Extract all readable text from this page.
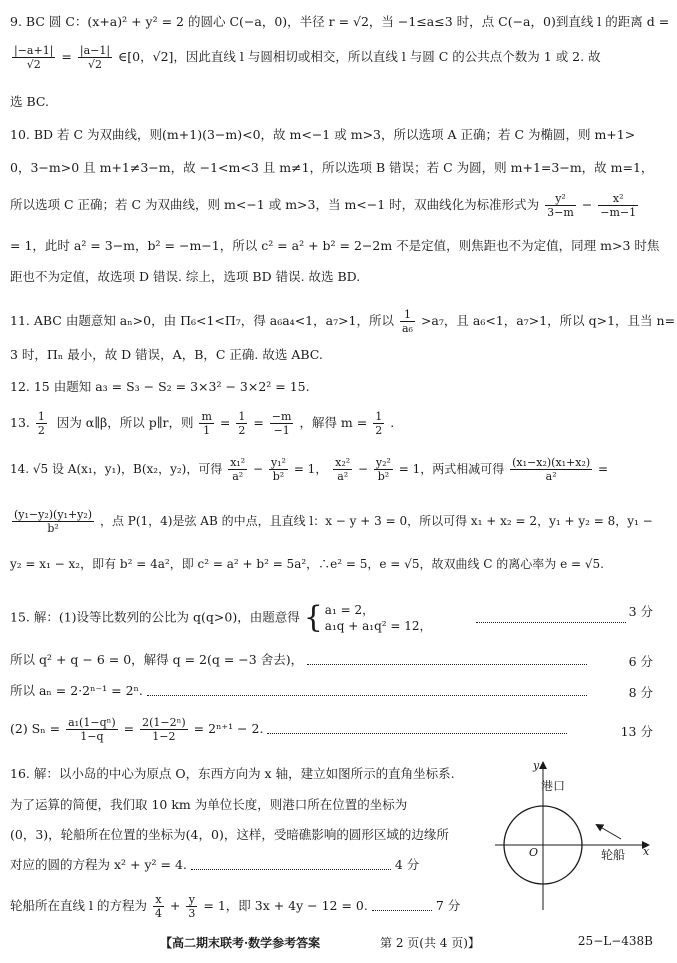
9. BC 圆 C：(x+a)² + y² = 2 的圆心 C(−a，0)，半径 r = √2，当 −1≤a≤3 时，点 C(−a，0)到直线 l 的距离 d =
$\frac{|-a+1|}{√2} = \frac{|a-1|}{√2}$ ∈[0，√2]，因此直线 l 与圆相切或相交，所以直线 l 与圆 C 的公共点个数为 1 或 2. 故
选 BC.
10. BD 若 C 为双曲线，则(m+1)(3−m)<0，故 m<−1 或 m>3，所以选项 A 正确；若 C 为椭圆，则 m+1>
0，3−m>0 且 m+1≠3−m，故 −1<m<3 且 m≠1，所以选项 B 错误；若 C 为圆，则 m+1=3−m，故 m=1，
所以选项 C 正确；若 C 为双曲线，则 m<−1 或 m>3，当 m<−1 时，双曲线化为标准形式为 $\frac{\text{y²}}{3-m} - \frac{\text{x²}}{-m-1}$
= 1，此时 a² = 3−m，b² = −m−1，所以 c² = a² + b² = 2−2m 不是定值，则焦距也不为定值，同理 m>3 时焦
距也不为定值，故选项 D 错误. 综上，选项 BD 错误. 故选 BD.
11. ABC 由题意知 aₙ>0，由 Π₆<1<Π₇，得 a₆a₄<1，a₇>1，所以 $\frac{1}{\text{a₆}} >a_7$，且 a₆<1，a₇>1，所以 q>1，且当 n=
3 时，Πₙ 最小，故 D 错误，A，B，C 正确. 故选 ABC.
12. 15 由题知 a₃ = S₃ − S₂ = 3×3² − 3×2² = 15.
13. $\frac{1}{2}$ 因为 α∥β，所以 p∥r，则 $\frac{m}{1} = \frac{1}{2} = \frac{-m}{-1}$ ，解得 $m = \frac{1}{2}$ .
14. √5 设 A(x₁，y₁)，B(x₂，y₂)，可得 $\frac{\text{x₁²}}{\text{a²}} - \frac{\text{y₁²}}{\text{b²}} = 1$， $\frac{\text{x₂²}}{\text{a²}} - \frac{\text{y₂²}}{\text{b²}} = 1$，两式相减可得 $\frac{\text{(x₁−x₂)(x₁+x₂)}}{\text{a²}}$ =
$\frac{\text{(y₁−y₂)(y₁+y₂)}}{\text{b²}}$ ，点 P(1，4)是弦 AB 的中点，且直线 l：x − y + 3 = 0，所以可得 x₁ + x₂ = 2，y₁ + y₂ = 8，y₁ −
y₂ = x₁ − x₂，即有 b² = 4a²，即 c² = a² + b² = 5a²，∴e² = 5，e = √5，故双曲线 C 的离心率为 e = √5.
15. 解：(1)设等比数列的公比为 q(q>0)，由题意得 { a₁ = 2，
a₁q + a₁q² = 12，

3 分
所以 q² + q − 6 = 0，解得 q = 2(q = −3 舍去)，	6 分
所以 aₙ = 2·2ⁿ⁻¹ = 2ⁿ.	8 分
(2) $S_n = \frac{\text{a₁(1−qⁿ)}}{1-q} = \frac{\text{2(1−2ⁿ)}}{1-2} = 2^{n+1} - 2$.	13 分
16. 解：以小岛的中心为原点 O，东西方向为 x 轴，建立如图所示的直角坐标系.
为了运算的简便，我们取 10 km 为单位长度，则港口所在位置的坐标为
(0，3)，轮船所在位置的坐标为(4，0)，这样，受暗礁影响的圆形区域的边缘所
对应的圆的方程为 x² + y² = 4.	4 分
轮船所在直线 l 的方程为 $\frac{x}{4} + \frac{y}{3} = 1$，即 3x + 4y − 12 = 0.	7 分
y
x
O
港口
轮船
【高二期末联考·数学参考答案	第 2 页(共 4 页)】	25−L−438B
